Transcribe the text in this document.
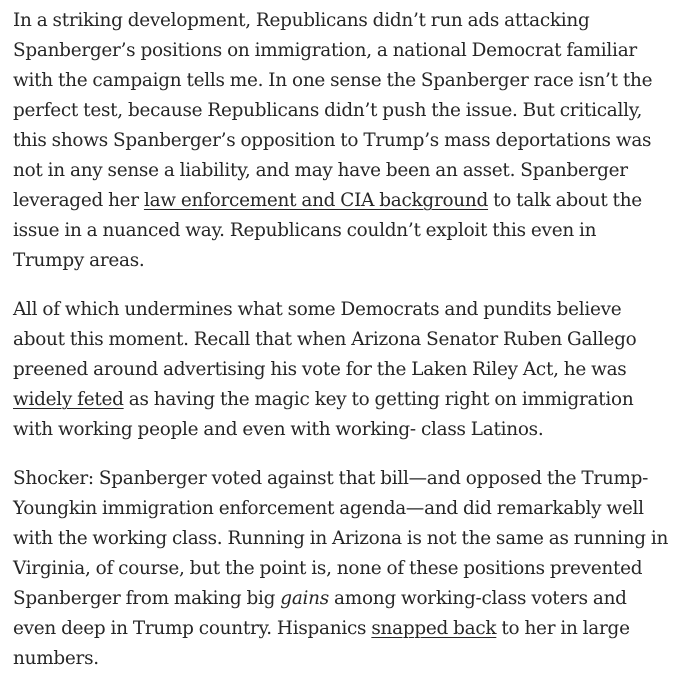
In a striking development, Republicans didn’t run ads attacking Spanberger’s positions on immigration, a national Democrat familiar with the campaign tells me. In one sense the Spanberger race isn’t the perfect test, because Republicans didn’t push the issue. But critically, this shows Spanberger’s opposition to Trump’s mass deportations was not in any sense a liability, and may have been an asset. Spanberger leveraged her law enforcement and CIA background to talk about the issue in a nuanced way. Republicans couldn’t exploit this even in Trumpy areas.

All of which undermines what some Democrats and pundits believe about this moment. Recall that when Arizona Senator Ruben Gallego preened around advertising his vote for the Laken Riley Act, he was widely feted as having the magic key to getting right on immigration with working people and even with working- class Latinos.

Shocker: Spanberger voted against that bill—and opposed the Trump-Youngkin immigration enforcement agenda—and did remarkably well with the working class. Running in Arizona is not the same as running in Virginia, of course, but the point is, none of these positions prevented Spanberger from making big gains among working-class voters and even deep in Trump country. Hispanics snapped back to her in large numbers.
